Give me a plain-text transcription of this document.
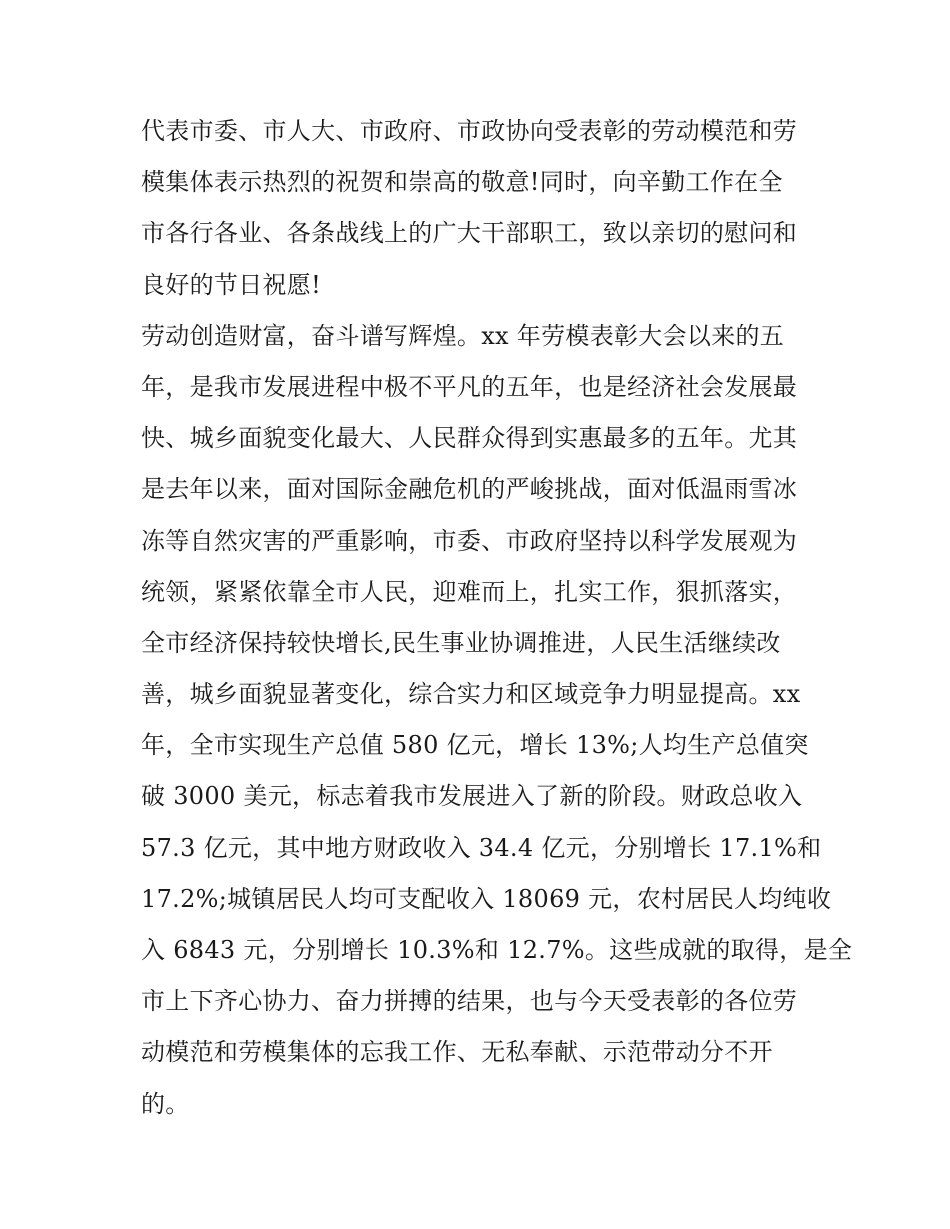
代表市委、市人大、市政府、市政协向受表彰的劳动模范和劳
模集体表示热烈的祝贺和崇高的敬意!同时，向辛勤工作在全
市各行各业、各条战线上的广大干部职工，致以亲切的慰问和
良好的节日祝愿!
劳动创造财富，奋斗谱写辉煌。xx 年劳模表彰大会以来的五
年，是我市发展进程中极不平凡的五年，也是经济社会发展最
快、城乡面貌变化最大、人民群众得到实惠最多的五年。尤其
是去年以来，面对国际金融危机的严峻挑战，面对低温雨雪冰
冻等自然灾害的严重影响，市委、市政府坚持以科学发展观为
统领，紧紧依靠全市人民，迎难而上，扎实工作，狠抓落实，
全市经济保持较快增长,民生事业协调推进，人民生活继续改
善，城乡面貌显著变化，综合实力和区域竞争力明显提高。xx
年，全市实现生产总值 580 亿元，增长 13%;人均生产总值突
破 3000 美元，标志着我市发展进入了新的阶段。财政总收入
57.3 亿元，其中地方财政收入 34.4 亿元，分别增长 17.1%和
17.2%;城镇居民人均可支配收入 18069 元，农村居民人均纯收
入 6843 元，分别增长 10.3%和 12.7%。这些成就的取得，是全
市上下齐心协力、奋力拼搏的结果，也与今天受表彰的各位劳
动模范和劳模集体的忘我工作、无私奉献、示范带动分不开
的。
